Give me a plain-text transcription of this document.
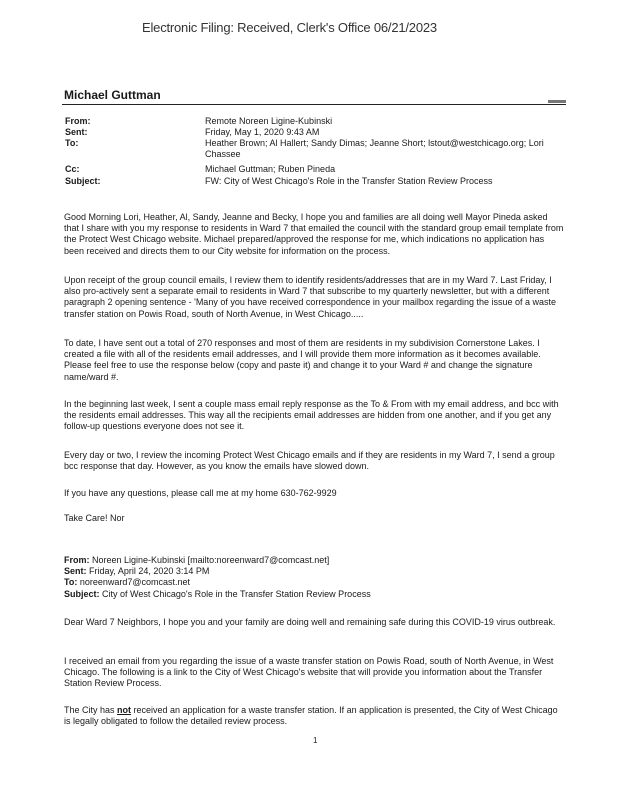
Electronic Filing: Received, Clerk's Office 06/21/2023
Michael Guttman
From:	Remote Noreen Ligine-Kubinski
Sent:	Friday, May 1, 2020 9:43 AM
To:	Heather Brown; Al Hallert; Sandy Dimas; Jeanne Short; lstout@westchicago.org; Lori Chassee
Cc:	Michael Guttman; Ruben Pineda
Subject:	FW: City of West Chicago's Role in the Transfer Station Review Process
Good Morning Lori, Heather, Al, Sandy, Jeanne and Becky, I hope you and families are all doing well Mayor Pineda asked that I share with you my response to residents in Ward 7 that emailed the council with the standard group email template from the Protect West Chicago website. Michael prepared/approved the response for me, which indications no application has been received and directs them to our City website for information on the process.
Upon receipt of the group council emails, I review them to identify residents/addresses that are in my Ward 7. Last Friday, I also pro-actively sent a separate email to residents in Ward 7 that subscribe to my quarterly newsletter, but with a different paragraph 2 opening sentence - 'Many of you have received correspondence in your mailbox regarding the issue of a waste transfer station on Powis Road, south of North Avenue, in West Chicago.....
To date, I have sent out a total of 270 responses and most of them are residents in my subdivision Cornerstone Lakes. I created a file with all of the residents email addresses, and I will provide them more information as it becomes available. Please feel free to use the response below (copy and paste it) and change it to your Ward # and change the signature name/ward #.
In the beginning last week, I sent a couple mass email reply response as the To & From with my email address, and bcc with the residents email addresses. This way all the recipients email addresses are hidden from one another, and if you get any follow-up questions everyone does not see it.
Every day or two, I review the incoming Protect West Chicago emails and if they are residents in my Ward 7, I send a group bcc response that day. However, as you know the emails have slowed down.
If you have any questions, please call me at my home 630-762-9929
Take Care! Nor
From: Noreen Ligine-Kubinski [mailto:noreenward7@comcast.net]
Sent: Friday, April 24, 2020 3:14 PM
To: noreenward7@comcast.net
Subject: City of West Chicago's Role in the Transfer Station Review Process
Dear Ward 7 Neighbors, I hope you and your family are doing well and remaining safe during this COVID-19 virus outbreak.
I received an email from you regarding the issue of a waste transfer station on Powis Road, south of North Avenue, in West Chicago. The following is a link to the City of West Chicago's website that will provide you information about the Transfer Station Review Process.
The City has not received an application for a waste transfer station. If an application is presented, the City of West Chicago is legally obligated to follow the detailed review process.
1
